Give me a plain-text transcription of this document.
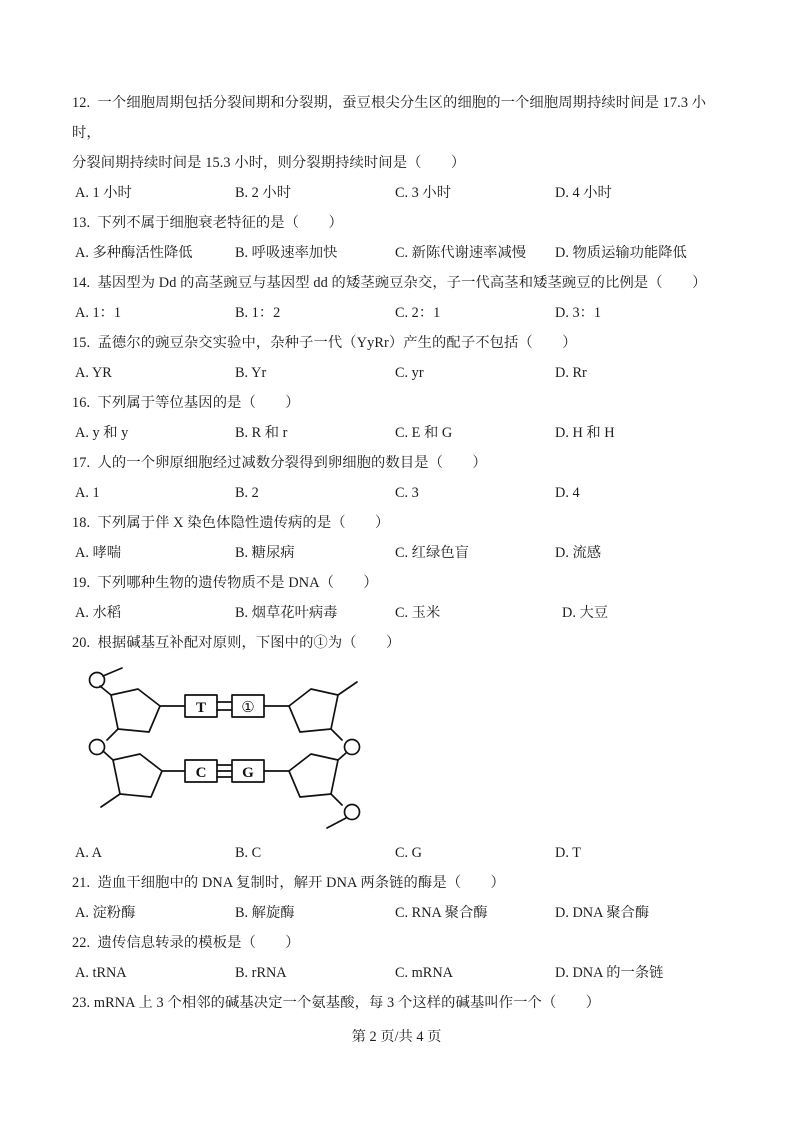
12.  一个细胞周期包括分裂间期和分裂期，蚕豆根尖分生区的细胞的一个细胞周期持续时间是 17.3 小时，
分裂间期持续时间是 15.3 小时，则分裂期持续时间是（        ）
A. 1 小时	B. 2 小时	C. 3 小时	D. 4 小时
13.  下列不属于细胞衰老特征的是（        ）
A. 多种酶活性降低	B. 呼吸速率加快	C. 新陈代谢速率减慢 D. 物质运输功能降低
14.  基因型为 Dd 的高茎豌豆与基因型 dd 的矮茎豌豆杂交，子一代高茎和矮茎豌豆的比例是（        ）
A. 1：1	B. 1：2	C. 2：1	D. 3：1
15.  孟德尔的豌豆杂交实验中，杂种子一代（YyRr）产生的配子不包括（        ）
A. YR	B. Yr	C. yr	D. Rr
16.  下列属于等位基因的是（        ）
A. y 和 y	B. R 和 r	C. E 和 G	D. H 和 H
17.  人的一个卵原细胞经过减数分裂得到卵细胞的数目是（        ）
A. 1	B. 2	C. 3	D. 4
18.  下列属于伴 X 染色体隐性遗传病的是（        ）
A. 哮喘	B. 糖尿病	C. 红绿色盲	D. 流感
19.  下列哪种生物的遗传物质不是 DNA（        ）
A. 水稻	B. 烟草花叶病毒	C. 玉米	D. 大豆
20.  根据碱基互补配对原则，下图中的①为（        ）
T ①
C G
A. A	B. C	C. G	D. T
21.  造血干细胞中的 DNA 复制时，解开 DNA 两条链的酶是（        ）
A. 淀粉酶	B. 解旋酶	C. RNA 聚合酶	D. DNA 聚合酶
22.  遗传信息转录的模板是（        ）
A. tRNA	B. rRNA	C. mRNA	D. DNA 的一条链
23. mRNA 上 3 个相邻的碱基决定一个氨基酸，每 3 个这样的碱基叫作一个（        ）
第 2 页/共 4 页
